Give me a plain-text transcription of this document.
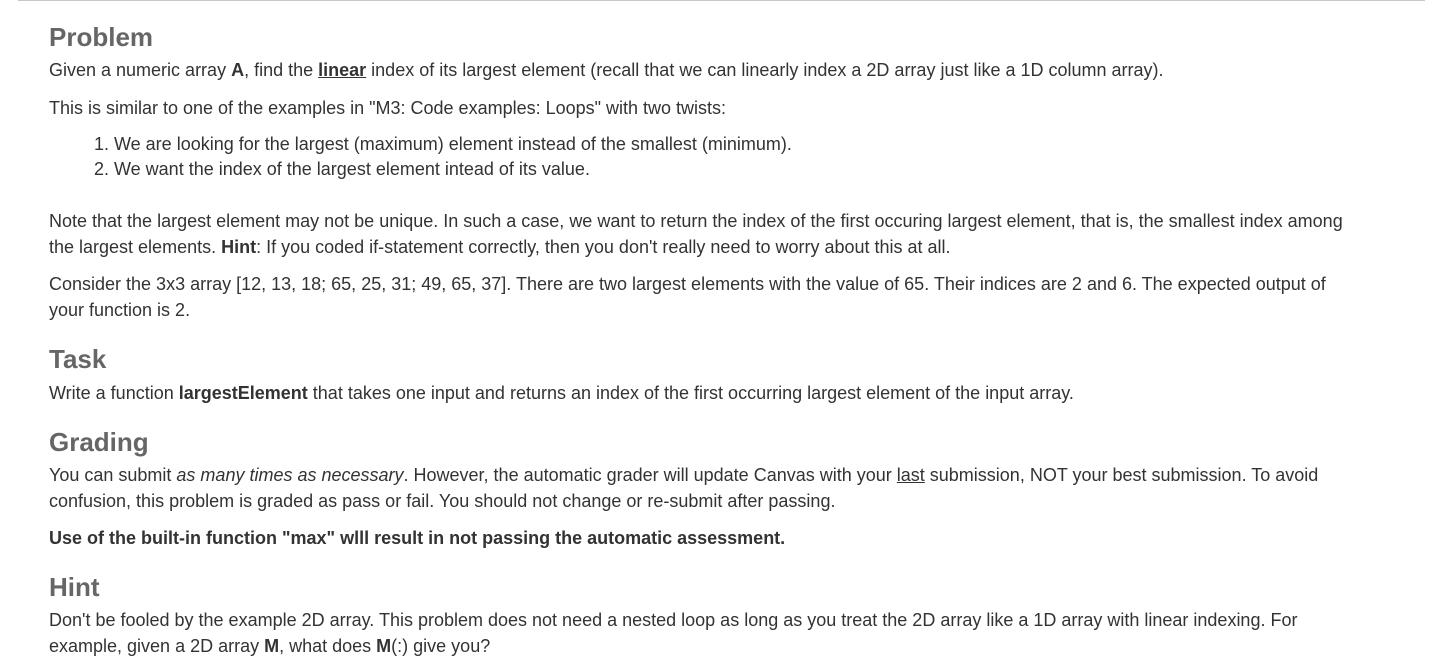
Problem

Given a numeric array A, find the linear index of its largest element (recall that we can linearly index a 2D array just like a 1D column array).

This is similar to one of the examples in "M3: Code examples: Loops" with two twists:

1. We are looking for the largest (maximum) element instead of the smallest (minimum).
2. We want the index of the largest element intead of its value.

Note that the largest element may not be unique. In such a case, we want to return the index of the first occuring largest element, that is, the smallest index among the largest elements. Hint: If you coded if-statement correctly, then you don't really need to worry about this at all.

Consider the 3x3 array [12, 13, 18; 65, 25, 31; 49, 65, 37]. There are two largest elements with the value of 65. Their indices are 2 and 6. The expected output of your function is 2.

Task

Write a function largestElement that takes one input and returns an index of the first occurring largest element of the input array.

Grading

You can submit as many times as necessary. However, the automatic grader will update Canvas with your last submission, NOT your best submission. To avoid confusion, this problem is graded as pass or fail. You should not change or re-submit after passing.

Use of the built-in function "max" wlll result in not passing the automatic assessment.

Hint

Don't be fooled by the example 2D array. This problem does not need a nested loop as long as you treat the 2D array like a 1D array with linear indexing. For example, given a 2D array M, what does M(:) give you?
